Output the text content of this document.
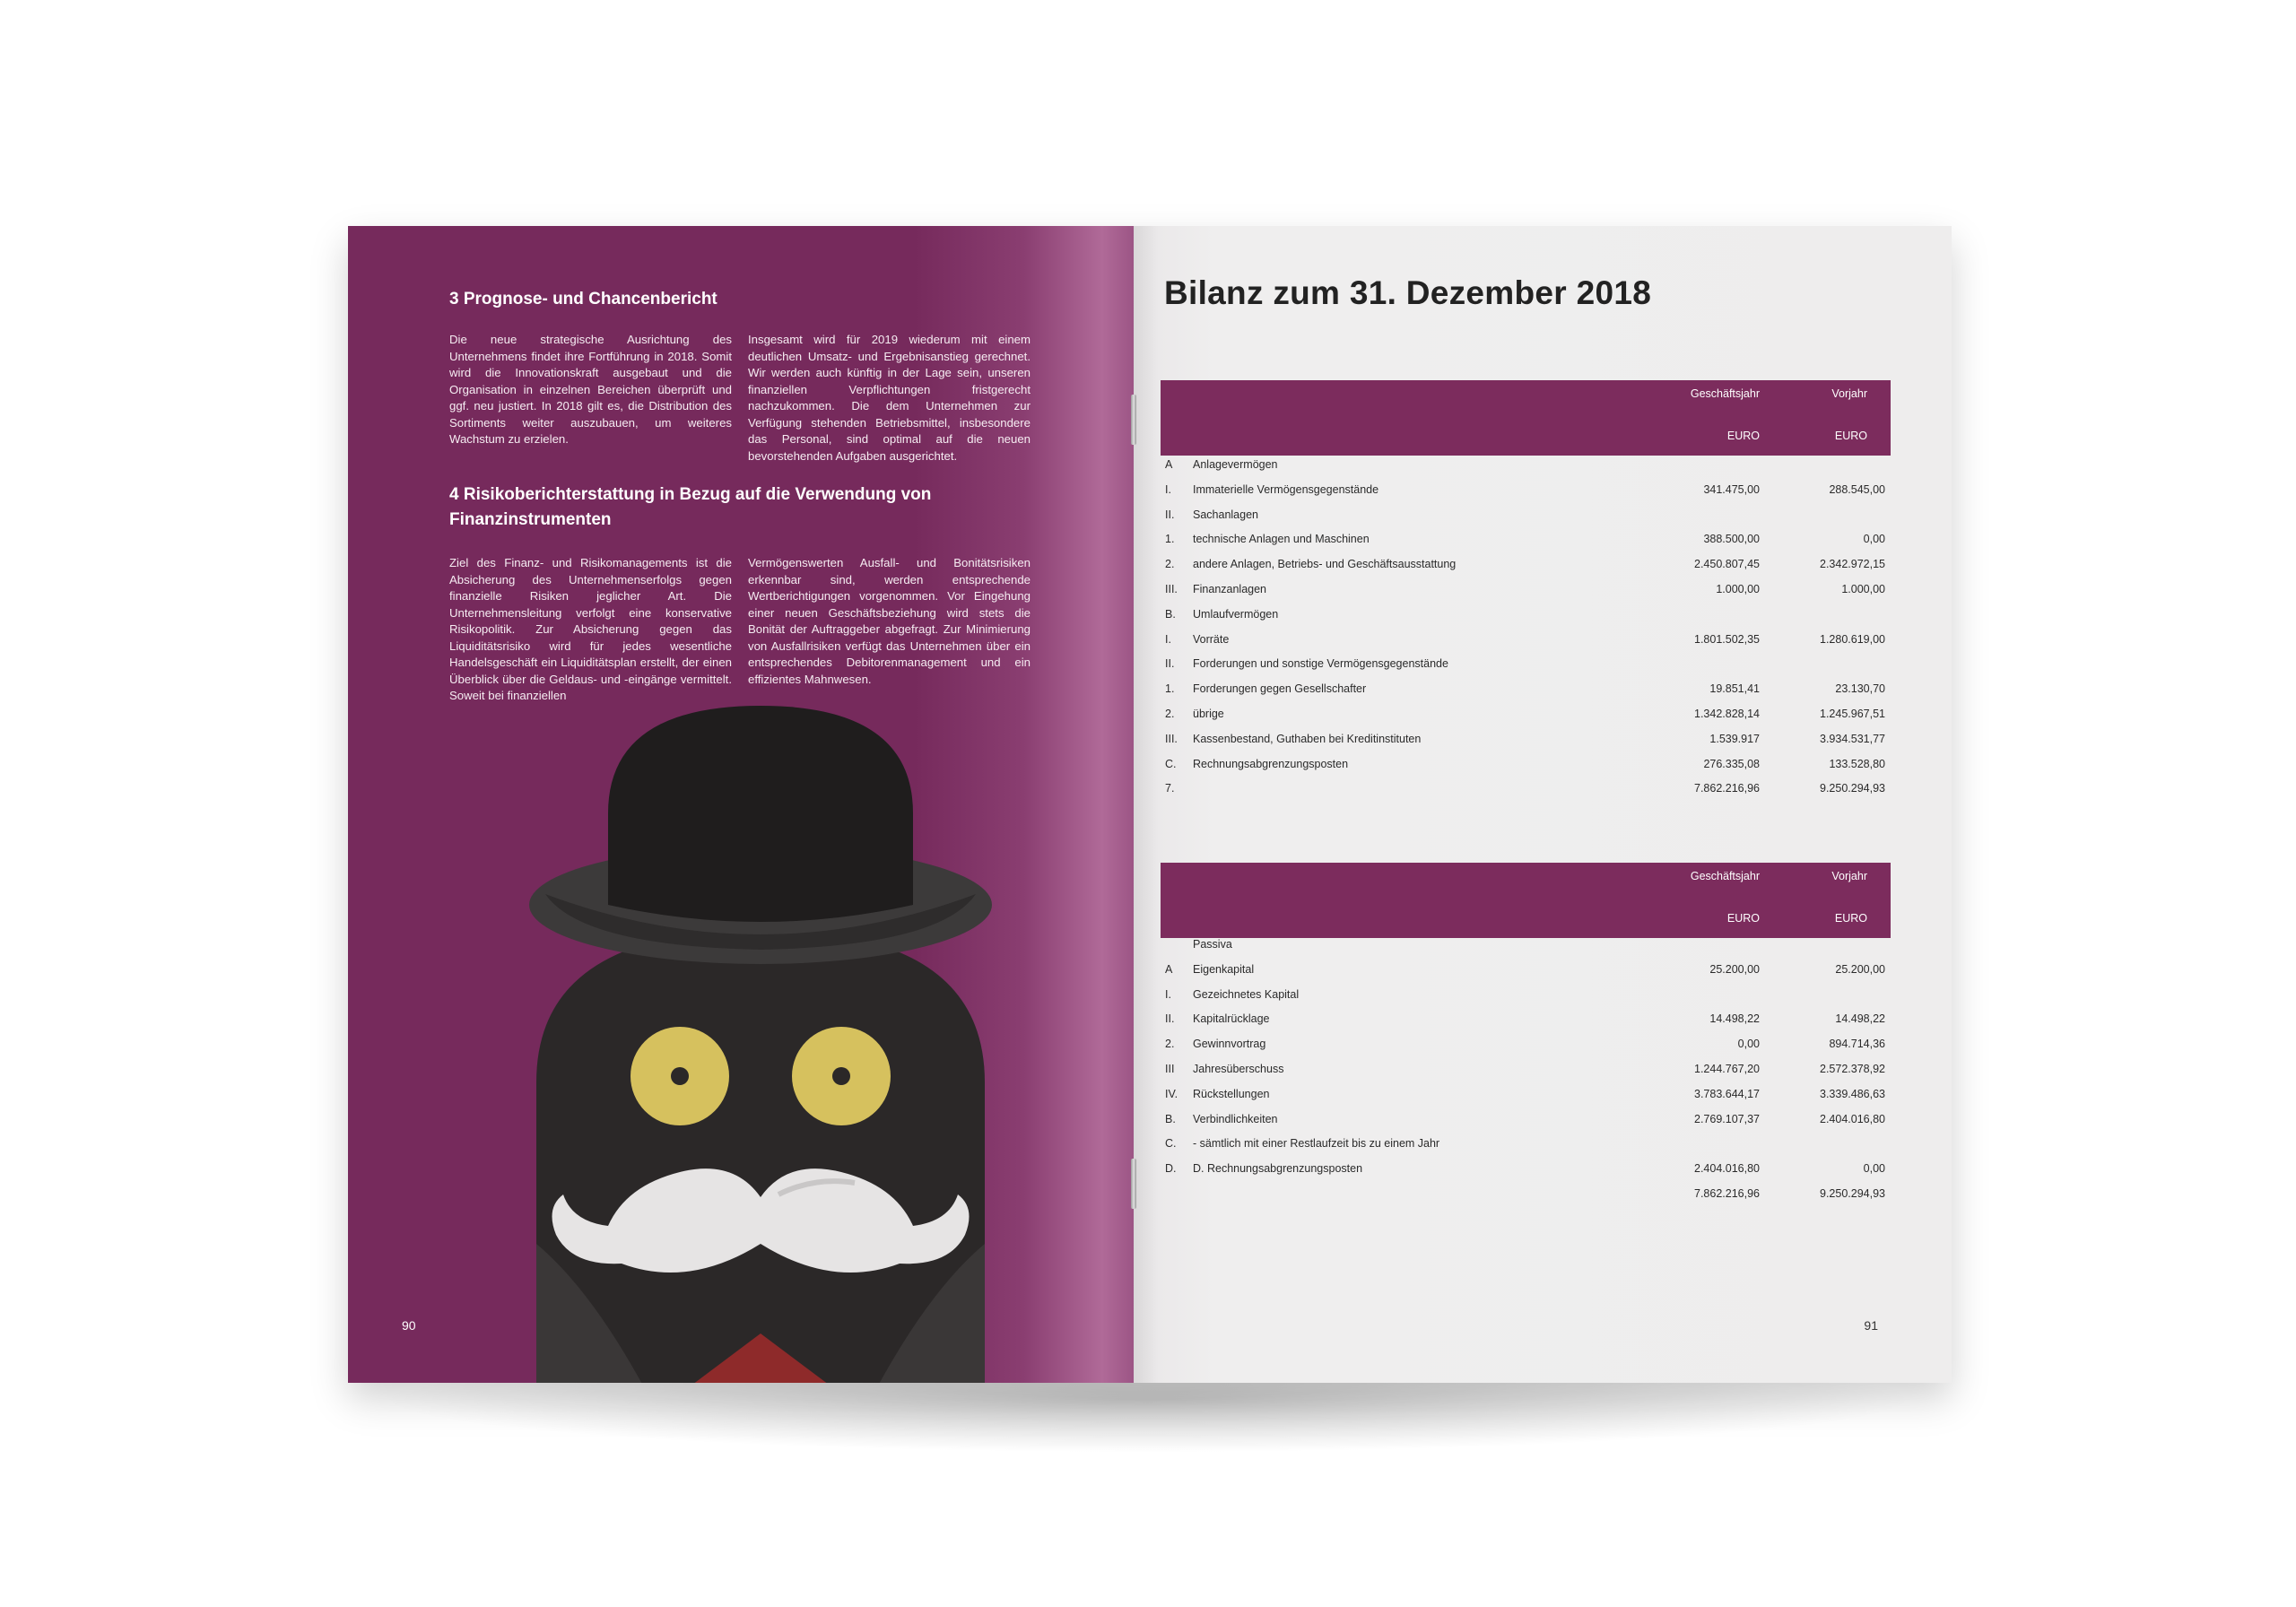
3 Prognose- und Chancenbericht

Die neue strategische Ausrichtung des Unternehmens findet ihre Fortführung in 2018. Somit wird die Innovationskraft ausgebaut und die Organisation in einzelnen Bereichen überprüft und ggf. neu justiert. In 2018 gilt es, die Distribution des Sortiments weiter auszubauen, um weiteres Wachstum zu erzielen.

Insgesamt wird für 2019 wiederum mit einem deutlichen Umsatz- und Ergebnisanstieg gerechnet. Wir werden auch künftig in der Lage sein, unseren finanziellen Verpflichtungen fristgerecht nachzukommen. Die dem Unternehmen zur Verfügung stehenden Betriebsmittel, insbesondere das Personal, sind optimal auf die neuen bevorstehenden Aufgaben ausgerichtet.

4 Risikoberichterstattung in Bezug auf die Verwendung von Finanzinstrumenten

Ziel des Finanz- und Risikomanagements ist die Absicherung des Unternehmenserfolgs gegen finanzielle Risiken jeglicher Art. Die Unternehmensleitung verfolgt eine konservative Risikopolitik. Zur Absicherung gegen das Liquiditätsrisiko wird für jedes wesentliche Handelsgeschäft ein Liquiditätsplan erstellt, der einen Überblick über die Geldaus- und -eingänge vermittelt. Soweit bei finanziellen

Vermögenswerten Ausfall- und Bonitätsrisiken erkennbar sind, werden entsprechende Wertberichtigungen vorgenommen. Vor Eingehung einer neuen Geschäftsbeziehung wird stets die Bonität der Auftraggeber abgefragt. Zur Minimierung von Ausfallrisiken verfügt das Unternehmen über ein entsprechendes Debitorenmanagement und ein effizientes Mahnwesen.

90
Bilanz zum 31. Dezember 2018
Geschäftsjahr	Vorjahr
EURO	EURO
A Anlagevermögen
I. Immaterielle Vermögensgegenstände	341.475,00	288.545,00
II. Sachanlagen
1. technische Anlagen und Maschinen	388.500,00	0,00
2. andere Anlagen, Betriebs- und Geschäftsausstattung	2.450.807,45	2.342.972,15
III. Finanzanlagen	1.000,00	1.000,00
B. Umlaufvermögen
I. Vorräte	1.801.502,35	1.280.619,00
II. Forderungen und sonstige Vermögensgegenstände
1. Forderungen gegen Gesellschafter	19.851,41	23.130,70
2. übrige	1.342.828,14	1.245.967,51
III. Kassenbestand, Guthaben bei Kreditinstituten	1.539.917	3.934.531,77
C. Rechnungsabgrenzungsposten	276.335,08	133.528,80
7.	7.862.216,96	9.250.294,93
Geschäftsjahr	Vorjahr
EURO	EURO
Passiva
A Eigenkapital	25.200,00	25.200,00
I. Gezeichnetes Kapital
II. Kapitalrücklage	14.498,22	14.498,22
2. Gewinnvortrag	0,00	894.714,36
III Jahresüberschuss	1.244.767,20	2.572.378,92
IV. Rückstellungen	3.783.644,17	3.339.486,63
B. Verbindlichkeiten	2.769.107,37	2.404.016,80
C. - sämtlich mit einer Restlaufzeit bis zu einem Jahr
D. D. Rechnungsabgrenzungsposten	2.404.016,80	0,00
7.862.216,96	9.250.294,93
91
